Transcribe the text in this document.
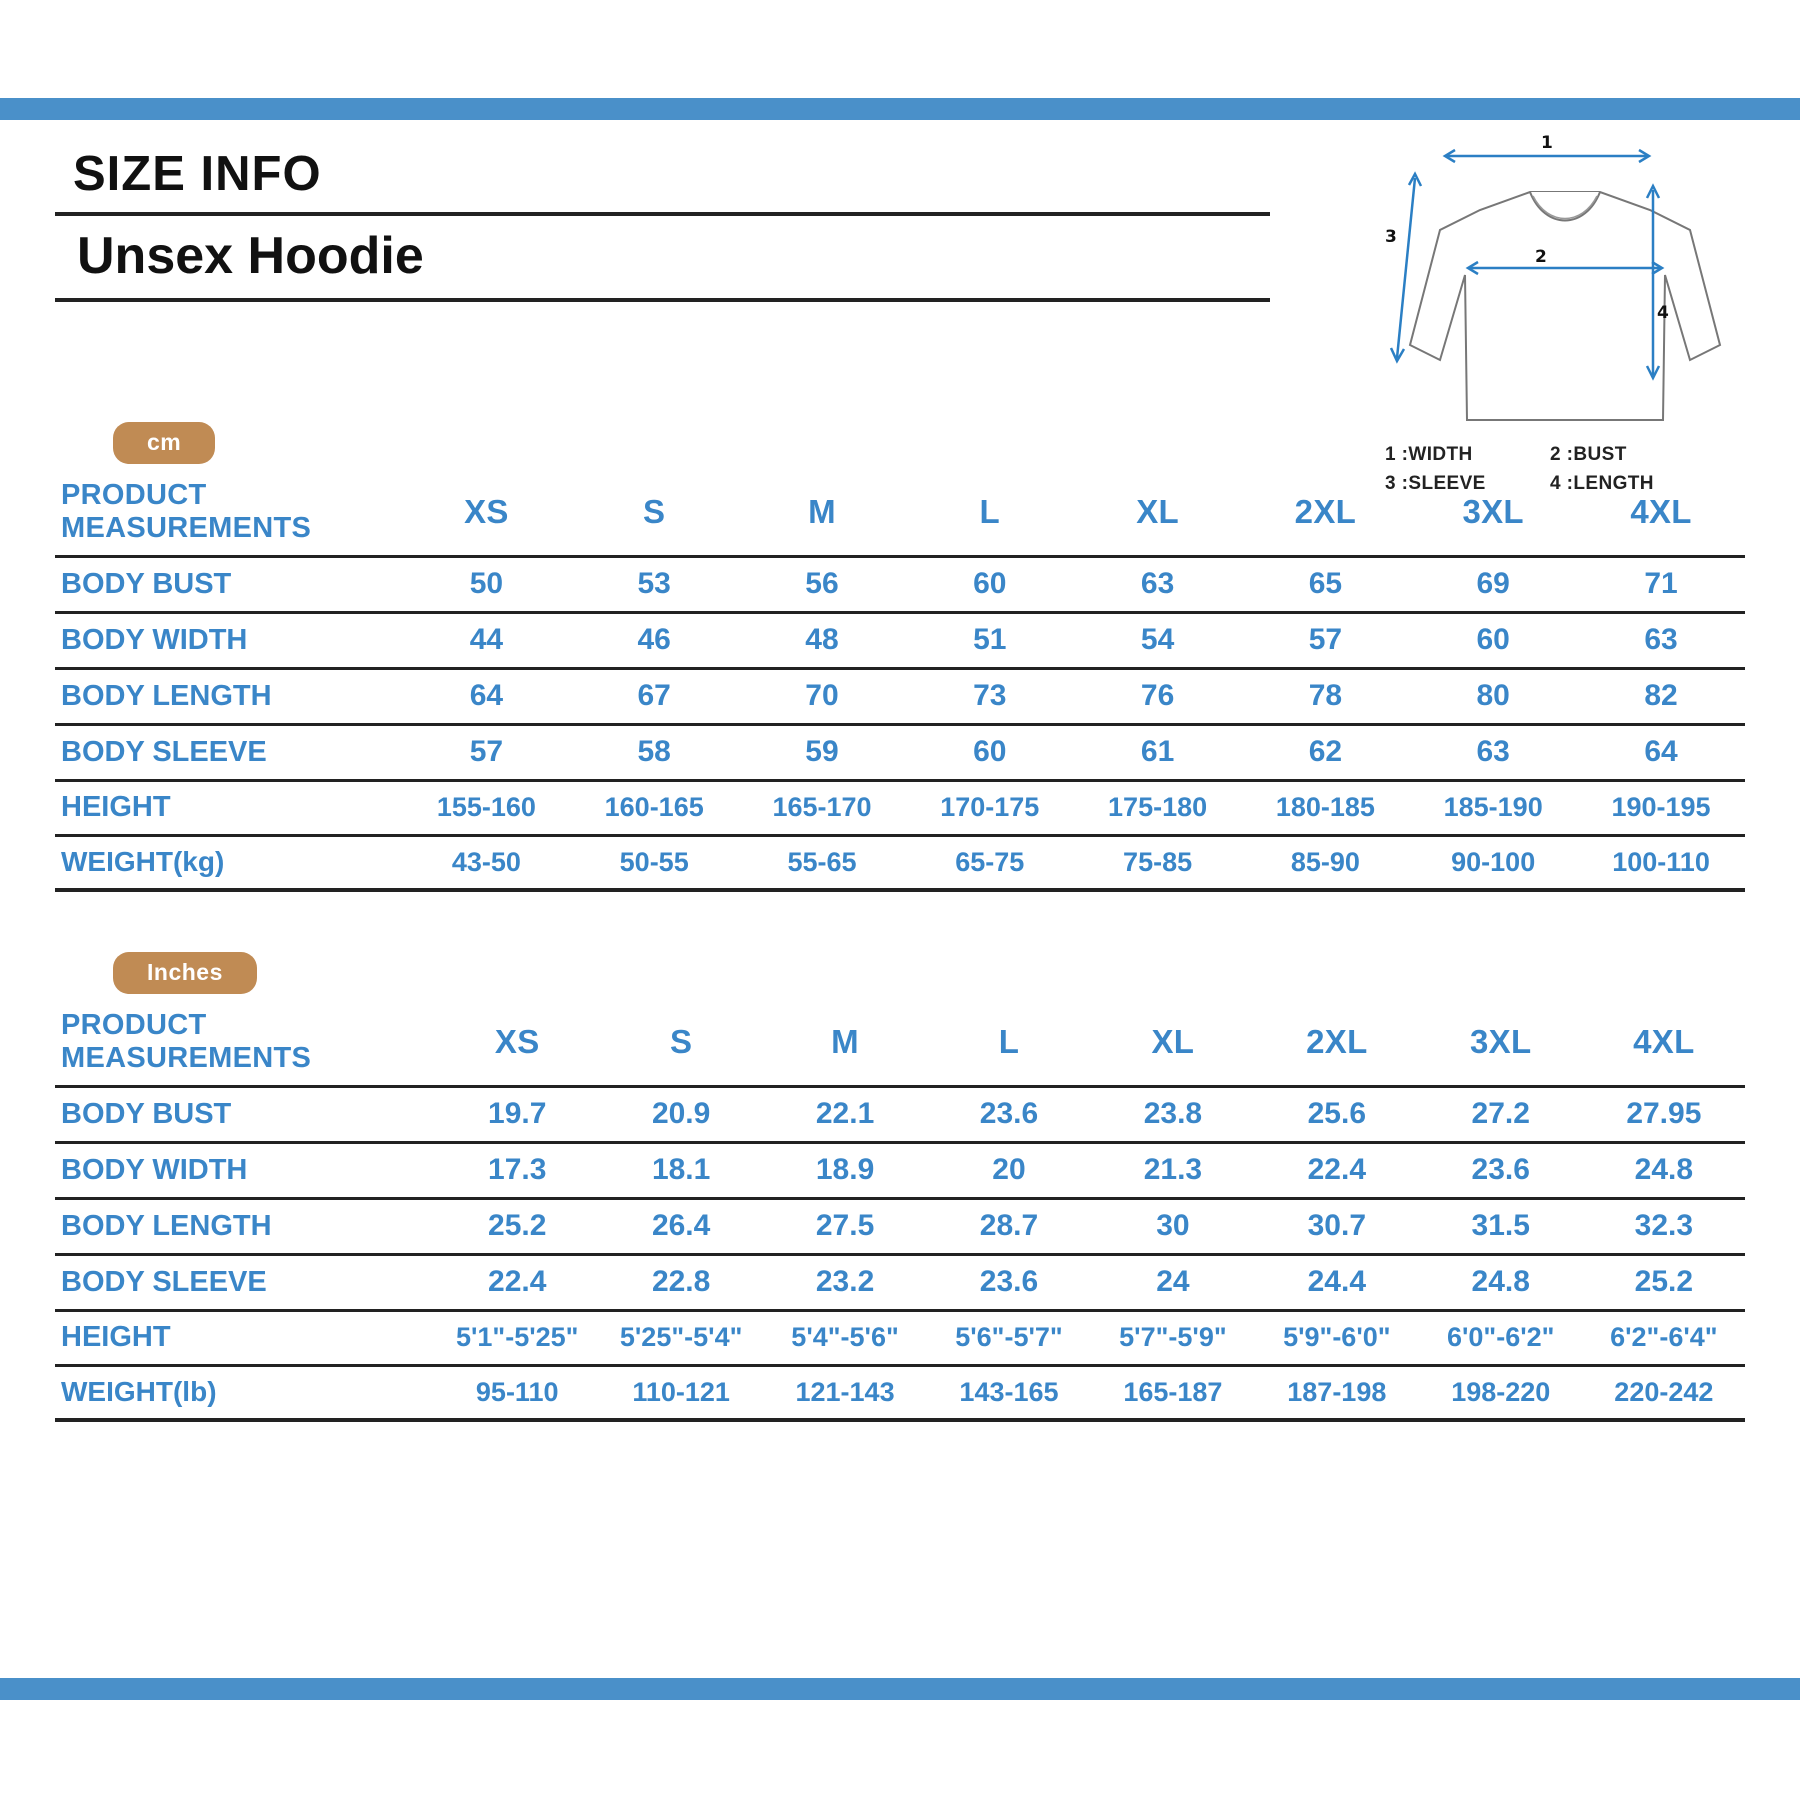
SIZE INFO
Unsex Hoodie
1
2
3
4
1 :WIDTH	2 :BUST
3 :SLEEVE	4 :LENGTH
cm
PRODUCT MEASUREMENTS	XS	S	M	L	XL	2XL	3XL	4XL
BODY BUST	50	53	56	60	63	65	69	71
BODY WIDTH	44	46	48	51	54	57	60	63
BODY LENGTH	64	67	70	73	76	78	80	82
BODY SLEEVE	57	58	59	60	61	62	63	64
HEIGHT	155-160	160-165	165-170	170-175	175-180	180-185	185-190	190-195
WEIGHT(kg)	43-50	50-55	55-65	65-75	75-85	85-90	90-100	100-110
Inches
PRODUCT MEASUREMENTS	XS	S	M	L	XL	2XL	3XL	4XL
BODY BUST	19.7	20.9	22.1	23.6	23.8	25.6	27.2	27.95
BODY WIDTH	17.3	18.1	18.9	20	21.3	22.4	23.6	24.8
BODY LENGTH	25.2	26.4	27.5	28.7	30	30.7	31.5	32.3
BODY SLEEVE	22.4	22.8	23.2	23.6	24	24.4	24.8	25.2
HEIGHT	5'1"-5'25"	5'25"-5'4"	5'4"-5'6"	5'6"-5'7"	5'7"-5'9"	5'9"-6'0"	6'0"-6'2"	6'2"-6'4"
WEIGHT(lb)	95-110	110-121	121-143	143-165	165-187	187-198	198-220	220-242
